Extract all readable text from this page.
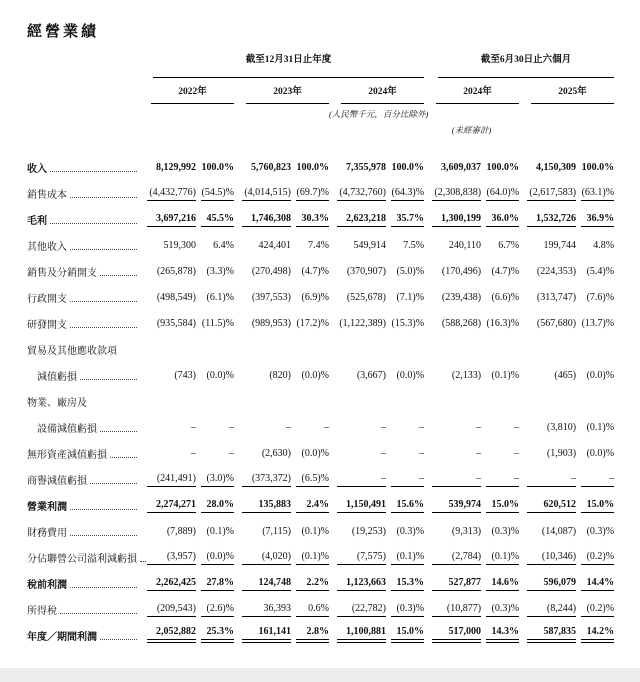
經營業績

	截至12月31日止年度						截至6月30日止六個月			

	2022年		2023年		2024年		2024年		2025年	

					(人民幣千元，百分比除外)					
							(未經審計)			

收入	8,129,992	100.0%	5,760,823	100.0%	7,355,978	100.0%	3,609,037	100.0%	4,150,309	100.0%

銷售成本	(4,432,776)	(54.5)%	(4,014,515)	(69.7)%	(4,732,760)	(64.3)%	(2,308,838)	(64.0)%	(2,617,583)	(63.1)%

毛利	3,697,216	45.5%	1,746,308	30.3%	2,623,218	35.7%	1,300,199	36.0%	1,532,726	36.9%

其他收入	519,300	6.4%	424,401	7.4%	549,914	7.5%	240,110	6.7%	199,744	4.8%

銷售及分銷開支	(265,878)	(3.3)%	(270,498)	(4.7)%	(370,907)	(5.0)%	(170,496)	(4.7)%	(224,353)	(5.4)%

行政開支	(498,549)	(6.1)%	(397,553)	(6.9)%	(525,678)	(7.1)%	(239,438)	(6.6)%	(313,747)	(7.6)%

研發開支	(935,584)	(11.5)%	(989,953)	(17.2)%	(1,122,389)	(15.3)%	(588,268)	(16.3)%	(567,680)	(13.7)%

貿易及其他應收款項										

減值虧損	(743)	(0.0)%	(820)	(0.0)%	(3,667)	(0.0)%	(2,133)	(0.1)%	(465)	(0.0)%

物業、廠房及										

設備減值虧損	–	–	–	–	–	–	–	–	(3,810)	(0.1)%

無形資產減值虧損	–	–	(2,630)	(0.0)%	–	–	–	–	(1,903)	(0.0)%

商譽減值虧損	(241,491)	(3.0)%	(373,372)	(6.5)%	–	–	–	–	–	–

營業利潤	2,274,271	28.0%	135,883	2.4%	1,150,491	15.6%	539,974	15.0%	620,512	15.0%

財務費用	(7,889)	(0.1)%	(7,115)	(0.1)%	(19,253)	(0.3)%	(9,313)	(0.3)%	(14,087)	(0.3)%

分佔聯營公司溢利減虧損	(3,957)	(0.0)%	(4,020)	(0.1)%	(7,575)	(0.1)%	(2,784)	(0.1)%	(10,346)	(0.2)%

稅前利潤	2,262,425	27.8%	124,748	2.2%	1,123,663	15.3%	527,877	14.6%	596,079	14.4%

所得稅	(209,543)	(2.6)%	36,393	0.6%	(22,782)	(0.3)%	(10,877)	(0.3)%	(8,244)	(0.2)%

年度／期間利潤	2,052,882	25.3%	161,141	2.8%	1,100,881	15.0%	517,000	14.3%	587,835	14.2%
